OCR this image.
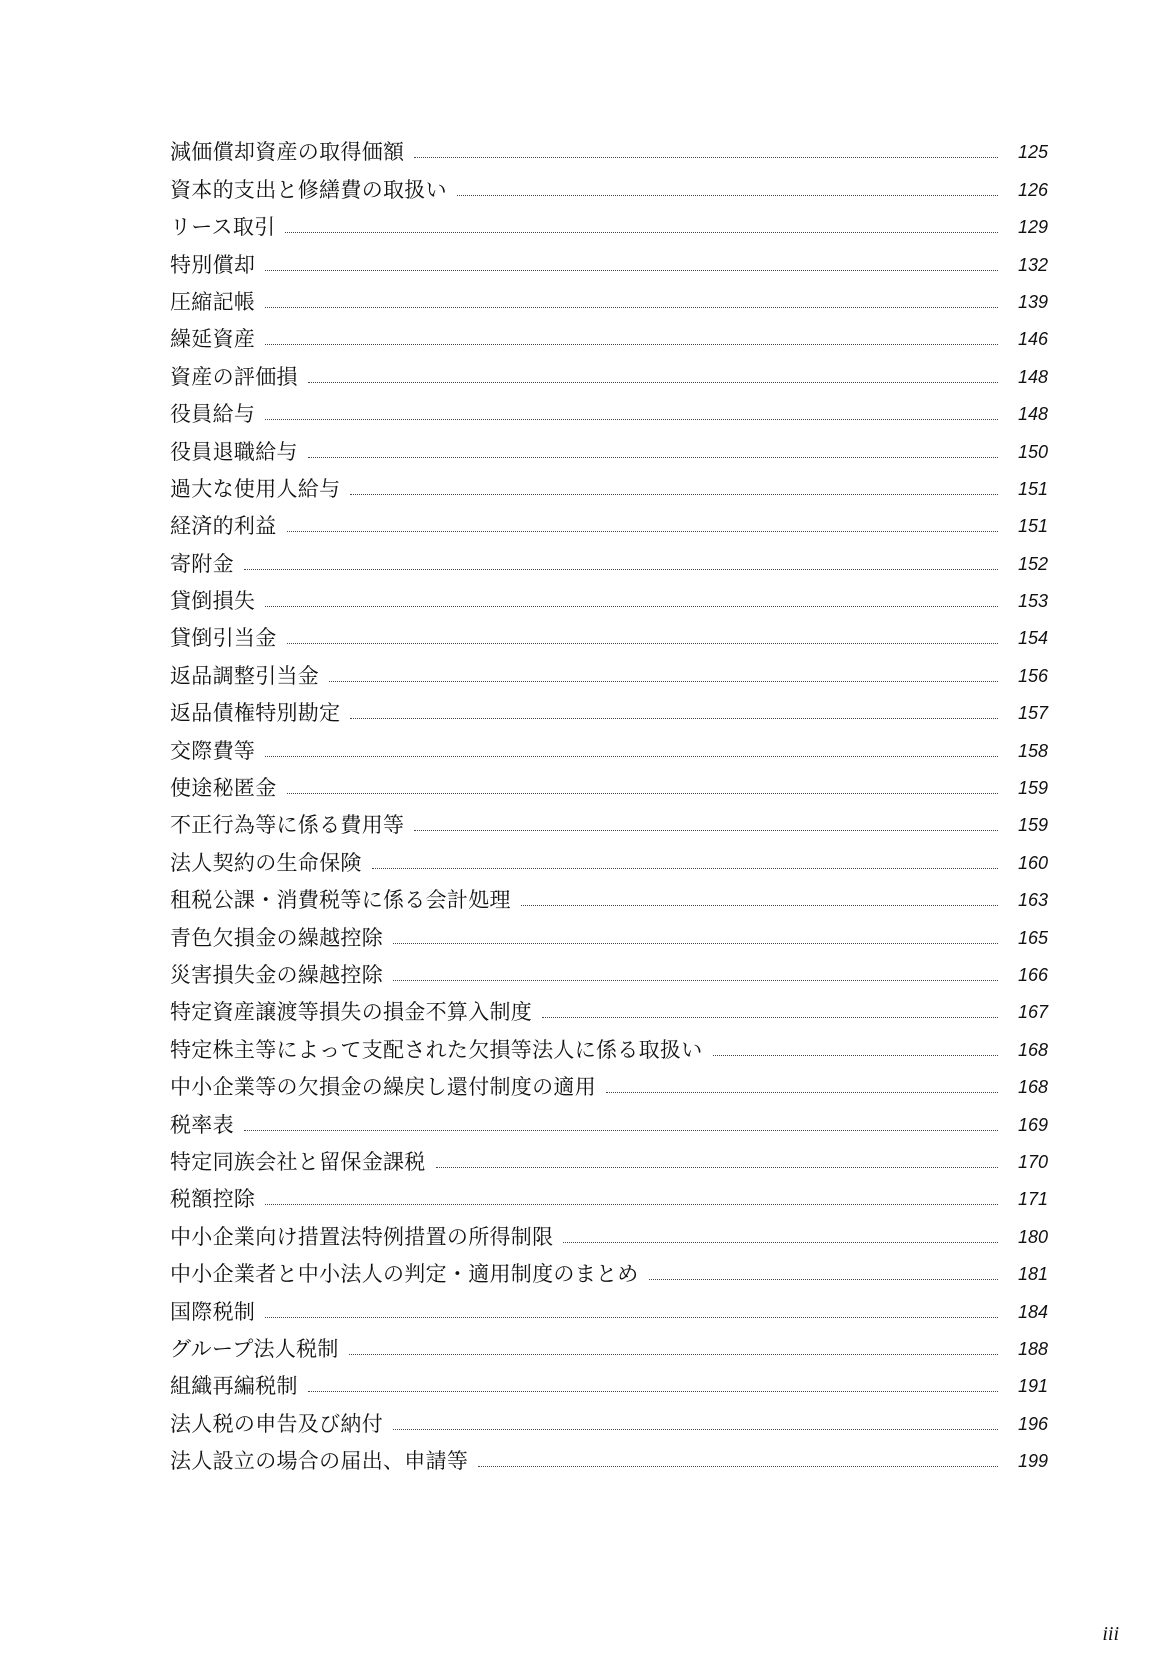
減価償却資産の取得価額	125
資本的支出と修繕費の取扱い	126
リース取引	129
特別償却	132
圧縮記帳	139
繰延資産	146
資産の評価損	148
役員給与	148
役員退職給与	150
過大な使用人給与	151
経済的利益	151
寄附金	152
貸倒損失	153
貸倒引当金	154
返品調整引当金	156
返品債権特別勘定	157
交際費等	158
使途秘匿金	159
不正行為等に係る費用等	159
法人契約の生命保険	160
租税公課・消費税等に係る会計処理	163
青色欠損金の繰越控除	165
災害損失金の繰越控除	166
特定資産譲渡等損失の損金不算入制度	167
特定株主等によって支配された欠損等法人に係る取扱い	168
中小企業等の欠損金の繰戻し還付制度の適用	168
税率表	169
特定同族会社と留保金課税	170
税額控除	171
中小企業向け措置法特例措置の所得制限	180
中小企業者と中小法人の判定・適用制度のまとめ	181
国際税制	184
グループ法人税制	188
組織再編税制	191
法人税の申告及び納付	196
法人設立の場合の届出、申請等	199
iii
